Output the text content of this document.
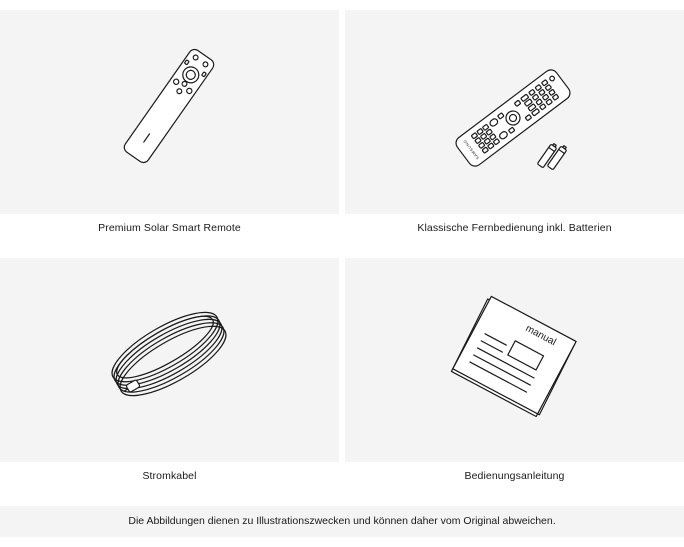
Premium Solar Smart Remote
SAMSUNG
Klassische Fernbedienung inkl. Batterien
Stromkabel
manual
Bedienungsanleitung
Die Abbildungen dienen zu Illustrationszwecken und können daher vom Original abweichen.
